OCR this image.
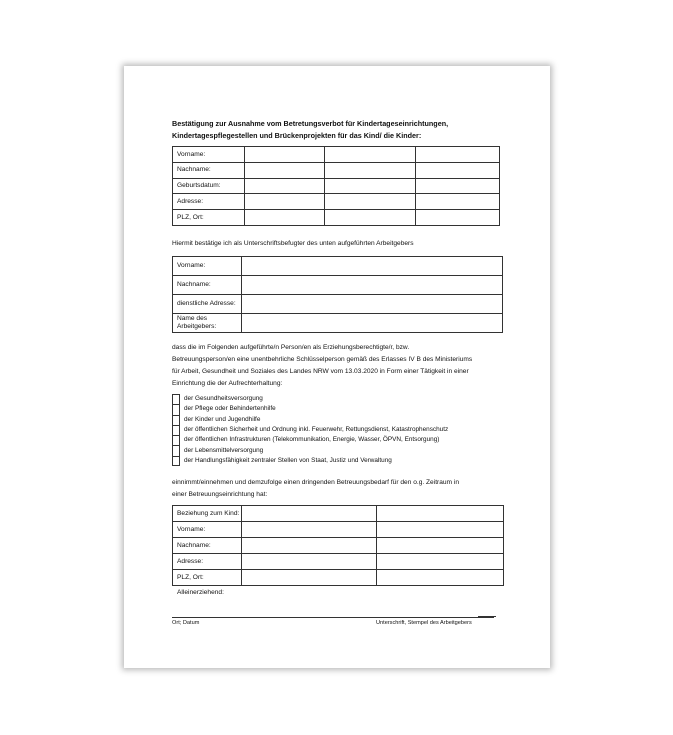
Bestätigung zur Ausnahme vom Betretungsverbot für Kindertageseinrichtungen,
Kindertagespflegestellen und Brückenprojekten für das Kind/ die Kinder:
Vorname:			
Nachname:			
Geburtsdatum:			
Adresse:			
PLZ, Ort:			
Hiermit bestätige ich als Unterschriftsbefugter des unten aufgeführten Arbeitgebers
Vorname:	
Nachname:	
dienstliche Adresse:	
Name des Arbeitgebers:	
dass die im Folgenden aufgeführte/n Person/en als Erziehungsberechtigte/r, bzw.
Betreuungsperson/en eine unentbehrliche Schlüsselperson gemäß des Erlasses IV B des Ministeriums
für Arbeit, Gesundheit und Soziales des Landes NRW vom 13.03.2020 in Form einer Tätigkeit in einer
Einrichtung die der Aufrechterhaltung:
der Gesundheitsversorgung
der Pflege oder Behindertenhilfe
der Kinder und Jugendhilfe
der öffentlichen Sicherheit und Ordnung inkl. Feuerwehr, Rettungsdienst, Katastrophenschutz
der öffentlichen Infrastrukturen (Telekommunikation, Energie, Wasser, ÖPVN, Entsorgung)
der Lebensmittelversorgung
der Handlungsfähigkeit zentraler Stellen von Staat, Justiz und Verwaltung
einnimmt/einnehmen und demzufolge einen dringenden Betreuungsbedarf für den o.g. Zeitraum in
einer Betreuungseinrichtung hat:
Beziehung zum Kind:		
Vorname:		
Nachname:		
Adresse:		
PLZ, Ort:		
Alleinerziehend:
Ort; Datum	Unterschrift, Stempel des Arbeitgebers
